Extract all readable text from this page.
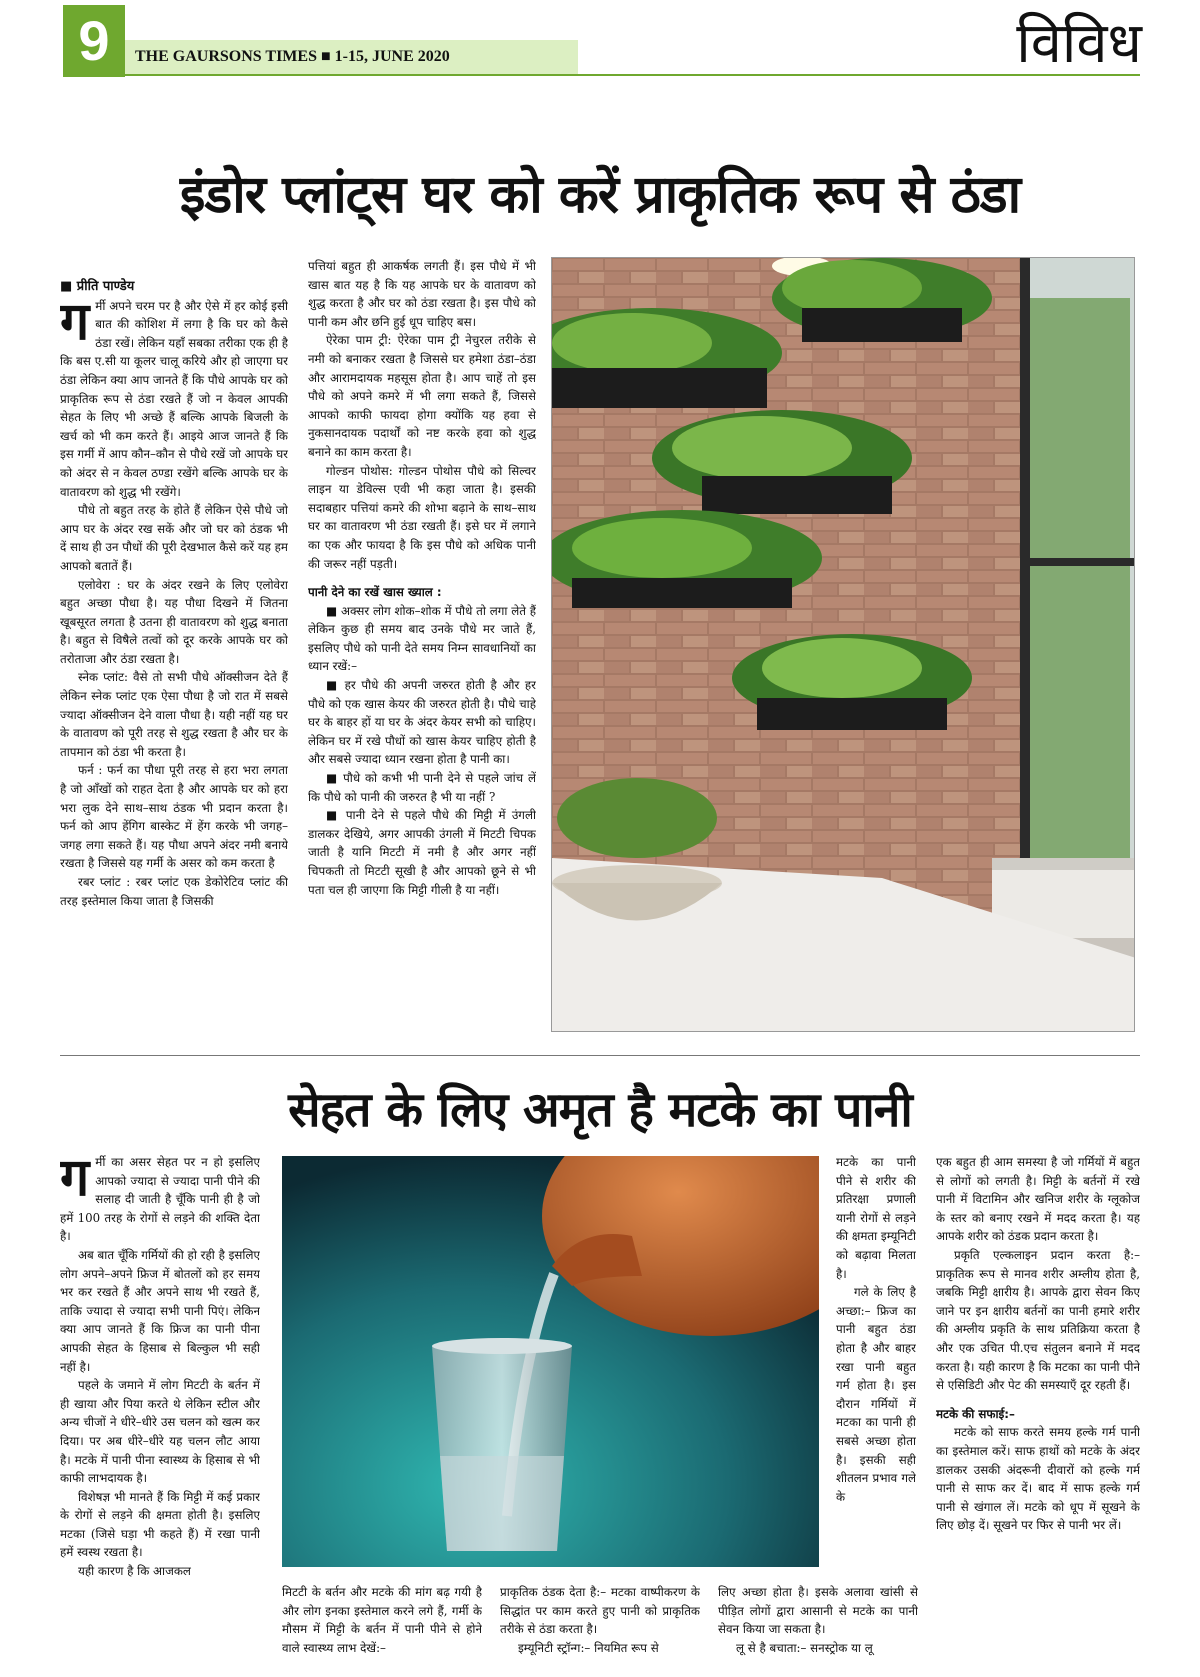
9	THE GAURSONS TIMES ■ 1-15, JUNE 2020	विविध
इंडोर प्लांट्स घर को करें प्राकृतिक रूप से ठंडा

■ प्रीति पाण्डेय

गर्मी अपने चरम पर है और ऐसे में हर कोई इसी बात की कोशिश में लगा है कि घर को कैसे ठंडा रखें। लेकिन यहाँ सबका तरीका एक ही है कि बस ए.सी या कूलर चालू करिये और हो जाएगा घर ठंडा लेकिन क्या आप जानते हैं कि पौधे आपके घर को प्राकृतिक रूप से ठंडा रखते हैं जो न केवल आपकी सेहत के लिए भी अच्छे हैं बल्कि आपके बिजली के खर्च को भी कम करते हैं। आइये आज जानते हैं कि इस गर्मी में आप कौन–कौन से पौधे रखें जो आपके घर को अंदर से न केवल ठण्डा रखेंगे बल्कि आपके घर के वातावरण को शुद्ध भी रखेंगे।

पौधे तो बहुत तरह के होते हैं लेकिन ऐसे पौधे जो आप घर के अंदर रख सकें और जो घर को ठंडक भी दें साथ ही उन पौधों की पूरी देखभाल कैसे करें यह हम आपको बतातें हैं।

एलोवेरा : घर के अंदर रखने के लिए एलोवेरा बहुत अच्छा पौधा है। यह पौधा दिखने में जितना खूबसूरत लगता है उतना ही वातावरण को शुद्ध बनाता है। बहुत से विषैले तत्वों को दूर करके आपके घर को तरोताजा और ठंडा रखता है।

स्नेक प्लांट: वैसे तो सभी पौधे ऑक्सीजन देते हैं लेकिन स्नेक प्लांट एक ऐसा पौधा है जो रात में सबसे ज्यादा ऑक्सीजन देने वाला पौधा है। यही नहीं यह घर के वातावण को पूरी तरह से शुद्ध रखता है और घर के तापमान को ठंडा भी करता है।

फर्न : फर्न का पौधा पूरी तरह से हरा भरा लगता है जो आँखों को राहत देता है और आपके घर को हरा भरा लुक देने साथ–साथ ठंडक भी प्रदान करता है। फर्न को आप हेंगिग बास्केट में हेंग करके भी जगह–जगह लगा सकते हैं। यह पौधा अपने अंदर नमी बनाये रखता है जिससे यह गर्मी के असर को कम करता है

रबर प्लांट : रबर प्लांट एक डेकोरेटिव प्लांट की तरह इस्तेमाल किया जाता है जिसकी

पत्तियां बहुत ही आकर्षक लगती हैं। इस पौधे में भी खास बात यह है कि यह आपके घर के वातावण को शुद्ध करता है और घर को ठंडा रखता है। इस पौधे को पानी कम और छनि हुई धूप चाहिए बस।

ऐरेका पाम ट्री: ऐरेका पाम ट्री नेचुरल तरीके से नमी को बनाकर रखता है जिससे घर हमेशा ठंडा–ठंडा और आरामदायक महसूस होता है। आप चाहें तो इस पौधे को अपने कमरे में भी लगा सकते हैं, जिससे आपको काफी फायदा होगा क्योंकि यह हवा से नुकसानदायक पदार्थों को नष्ट करके हवा को शुद्ध बनाने का काम करता है।

गोल्डन पोथोस: गोल्डन पोथोस पौधे को सिल्वर लाइन या डेविल्स एवी भी कहा जाता है। इसकी सदाबहार पत्तियां कमरे की शोभा बढ़ाने के साथ–साथ घर का वातावरण भी ठंडा रखती हैं। इसे घर में लगाने का एक और फायदा है कि इस पौधे को अधिक पानी की जरूर नहीं पड़ती।

पानी देने का रखें खास ख्याल :

■ अक्सर लोग शोक–शोक में पौधे तो लगा लेते हैं लेकिन कुछ ही समय बाद उनके पौधे मर जाते हैं, इसलिए पौधे को पानी देते समय निम्न सावधानियों का ध्यान रखें:–

■ हर पौधे की अपनी जरुरत होती है और हर पौधे को एक खास केयर की जरुरत होती है। पौधे चाहे घर के बाहर हों या घर के अंदर केयर सभी को चाहिए। लेकिन घर में रखे पौधों को खास केयर चाहिए होती है और सबसे ज्यादा ध्यान रखना होता है पानी का।

■ पौधे को कभी भी पानी देने से पहले जांच लें कि पौधे को पानी की जरुरत है भी या नहीं ?

■ पानी देने से पहले पौधे की मिट्टी में उंगली डालकर देखिये, अगर आपकी उंगली में मिटटी चिपक जाती है यानि मिटटी में नमी है और अगर नहीं चिपकती तो मिटटी सूखी है और आपको छूने से भी पता चल ही जाएगा कि मिट्टी गीली है या नहीं।

सेहत के लिए अमृत है मटके का पानी

गर्मी का असर सेहत पर न हो इसलिए आपको ज्यादा से ज्यादा पानी पीने की सलाह दी जाती है चूँकि पानी ही है जो हमें 100 तरह के रोगों से लड़ने की शक्ति देता है।

अब बात चूँकि गर्मियों की हो रही है इसलिए लोग अपने–अपने फ्रिज में बोतलों को हर समय भर कर रखते हैं और अपने साथ भी रखते हैं, ताकि ज्यादा से ज्यादा सभी पानी पिएं। लेकिन क्या आप जानते हैं कि फ्रिज का पानी पीना आपकी सेहत के हिसाब से बिल्कुल भी सही नहीं है।

पहले के जमाने में लोग मिटटी के बर्तन में ही खाया और पिया करते थे लेकिन स्टील और अन्य चीजों ने धीरे–धीरे उस चलन को खत्म कर दिया। पर अब धीरे–धीरे यह चलन लौट आया है। मटके में पानी पीना स्वास्थ्य के हिसाब से भी काफी लाभदायक है।

विशेषज्ञ भी मानते हैं कि मिट्टी में कई प्रकार के रोगों से लड़ने की क्षमता होती है। इसलिए मटका (जिसे घड़ा भी कहते हैं) में रखा पानी हमें स्वस्थ रखता है।

यही कारण है कि आजकल

मिटटी के बर्तन और मटके की मांग बढ़ गयी है और लोग इनका इस्तेमाल करने लगे हैं, गर्मी के मौसम में मिट्टी के बर्तन में पानी पीने से होने वाले स्वास्थ्य लाभ देखें:–

प्राकृतिक ठंडक देता है:– मटका वाष्पीकरण के सिद्धांत पर काम करते हुए पानी को प्राकृतिक तरीके से ठंडा करता है।

इम्यूनिटी स्ट्रॉन्ग:– नियमित रूप से

मटके का पानी पीने से शरीर की प्रतिरक्षा प्रणाली यानी रोगों से लड़ने की क्षमता इम्यूनिटी को बढ़ावा मिलता है।

गले के लिए है अच्छा:– फ्रिज का पानी बहुत ठंडा होता है और बाहर रखा पानी बहुत गर्म होता है। इस दौरान गर्मियों में मटका का पानी ही सबसे अच्छा होता है। इसकी सही शीतलन प्रभाव गले के

लिए अच्छा होता है। इसके अलावा खांसी से पीड़ित लोगों द्वारा आसानी से मटके का पानी सेवन किया जा सकता है।

लू से है बचाता:– सनस्ट्रोक या लू

एक बहुत ही आम समस्या है जो गर्मियों में बहुत से लोगों को लगती है। मिट्टी के बर्तनों में रखे पानी में विटामिन और खनिज शरीर के ग्लूकोज के स्तर को बनाए रखने में मदद करता है। यह आपके शरीर को ठंडक प्रदान करता है।

प्रकृति एल्कलाइन प्रदान करता है:– प्राकृतिक रूप से मानव शरीर अम्लीय होता है, जबकि मिट्टी क्षारीय है। आपके द्वारा सेवन किए जाने पर इन क्षारीय बर्तनों का पानी हमारे शरीर की अम्लीय प्रकृति के साथ प्रतिक्रिया करता है और एक उचित पी.एच संतुलन बनाने में मदद करता है। यही कारण है कि मटका का पानी पीने से एसिडिटी और पेट की समस्याएँ दूर रहती हैं।

मटके की सफाई:–

मटके को साफ करते समय हल्के गर्म पानी का इस्तेमाल करें। साफ हाथों को मटके के अंदर डालकर उसकी अंदरूनी दीवारों को हल्के गर्म पानी से साफ कर दें। बाद में साफ हल्के गर्म पानी से खंगाल लें। मटके को धूप में सूखने के लिए छोड़ दें। सूखने पर फिर से पानी भर लें।
